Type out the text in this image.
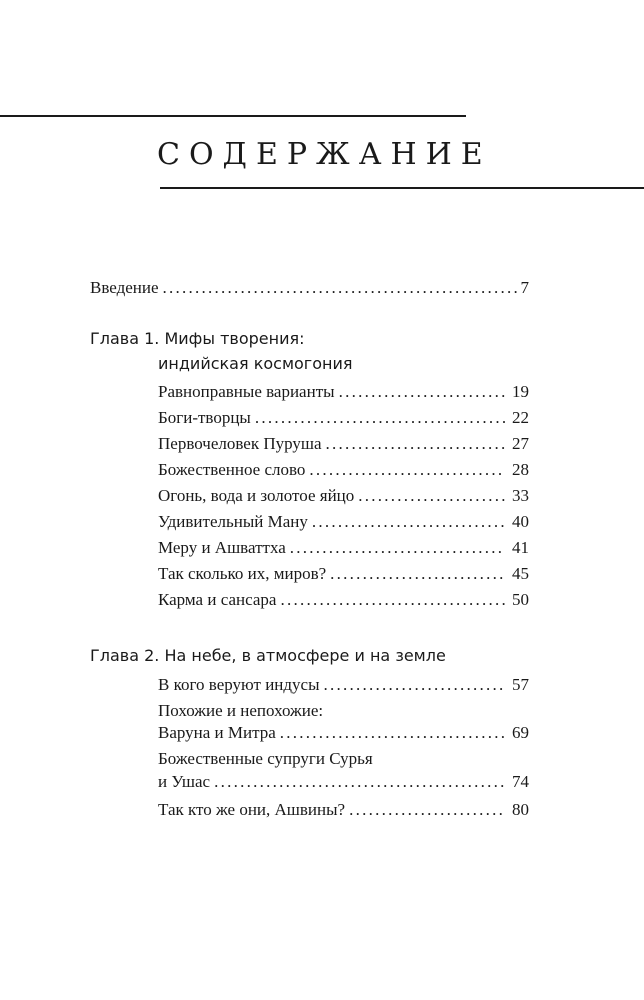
СОДЕРЖАНИЕ
Введение . . .	7
Глава 1. Мифы творения:
индийская космогония
Равноправные варианты . . .	19
Боги-творцы . . .	22
Первочеловек Пуруша . . .	27
Божественное слово . . .	28
Огонь, вода и золотое яйцо . . .	33
Удивительный Ману . . .	40
Меру и Ашваттха . . .	41
Так сколько их, миров? . . .	45
Карма и сансара . . .	50
Глава 2. На небе, в атмосфере и на земле
В кого веруют индусы . . .	57
Похожие и непохожие:
Варуна и Митра . . .	69
Божественные супруги Сурья
и Ушас . . .	74
Так кто же они, Ашвины? . . .	80
